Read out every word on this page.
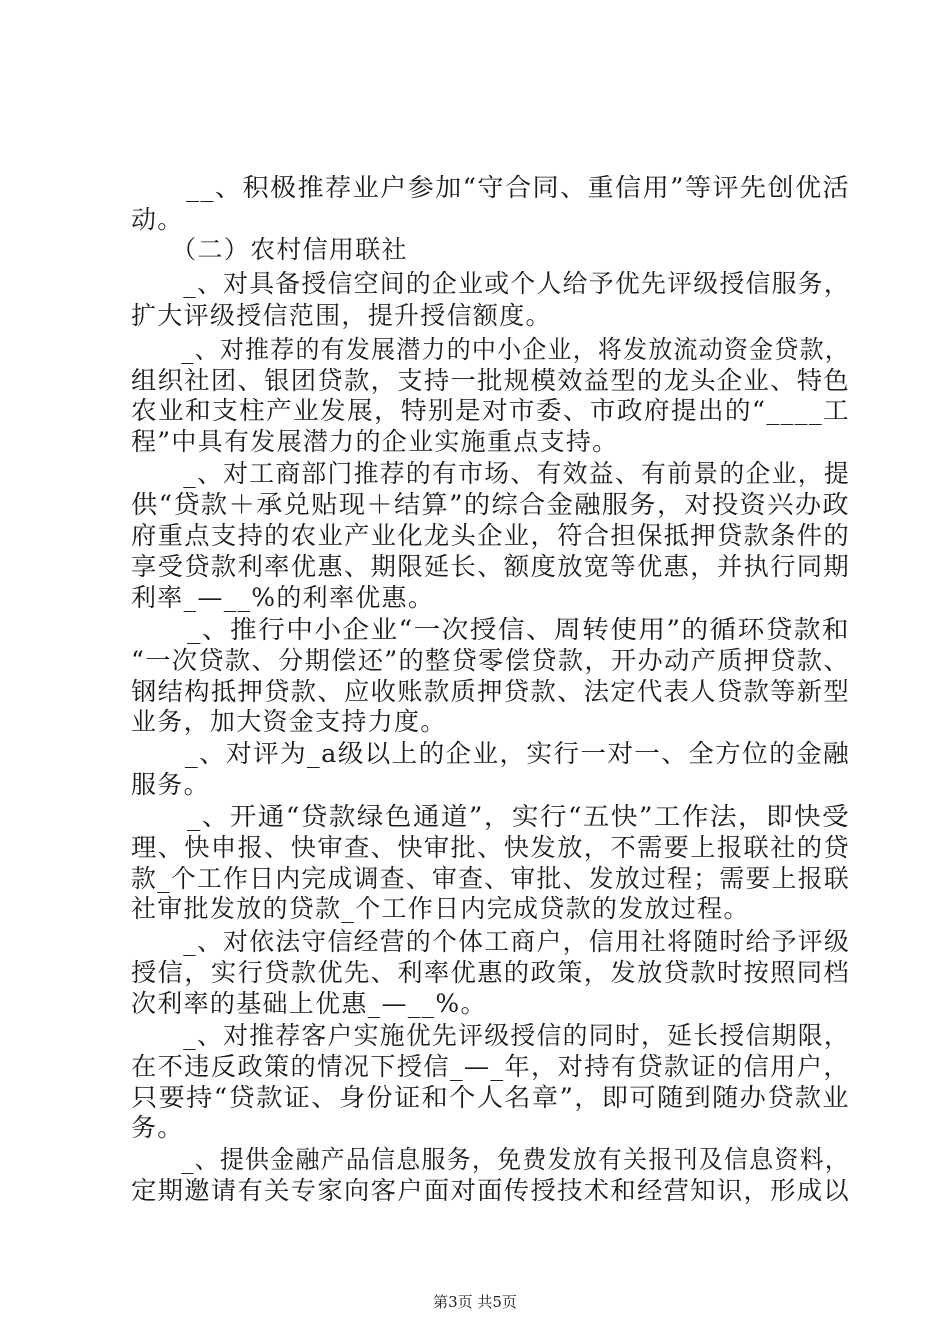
　　__、积极推荐业户参加“守合同、重信用”等评先创优活
动。
　　（二）农村信用联社
　　_、对具备授信空间的企业或个人给予优先评级授信服务，
扩大评级授信范围，提升授信额度。
　　_、对推荐的有发展潜力的中小企业，将发放流动资金贷款，
组织社团、银团贷款，支持一批规模效益型的龙头企业、特色
农业和支柱产业发展，特别是对市委、市政府提出的“____工
程”中具有发展潜力的企业实施重点支持。
　　_、对工商部门推荐的有市场、有效益、有前景的企业，提
供“贷款＋承兑贴现＋结算”的综合金融服务，对投资兴办政
府重点支持的农业产业化龙头企业，符合担保抵押贷款条件的
享受贷款利率优惠、期限延长、额度放宽等优惠，并执行同期
利率_—__%的利率优惠。
　　_、推行中小企业“一次授信、周转使用”的循环贷款和
“一次贷款、分期偿还”的整贷零偿贷款，开办动产质押贷款、
钢结构抵押贷款、应收账款质押贷款、法定代表人贷款等新型
业务，加大资金支持力度。
　　_、对评为_a级以上的企业，实行一对一、全方位的金融
服务。
　　_、开通“贷款绿色通道”，实行“五快”工作法，即快受
理、快申报、快审查、快审批、快发放，不需要上报联社的贷
款_个工作日内完成调查、审查、审批、发放过程；需要上报联
社审批发放的贷款_个工作日内完成贷款的发放过程。
　　_、对依法守信经营的个体工商户，信用社将随时给予评级
授信，实行贷款优先、利率优惠的政策，发放贷款时按照同档
次利率的基础上优惠_—__%。
　　_、对推荐客户实施优先评级授信的同时，延长授信期限，
在不违反政策的情况下授信_—_年，对持有贷款证的信用户，
只要持“贷款证、身份证和个人名章”，即可随到随办贷款业
务。
　　_、提供金融产品信息服务，免费发放有关报刊及信息资料，
定期邀请有关专家向客户面对面传授技术和经营知识，形成以
第3页 共5页
